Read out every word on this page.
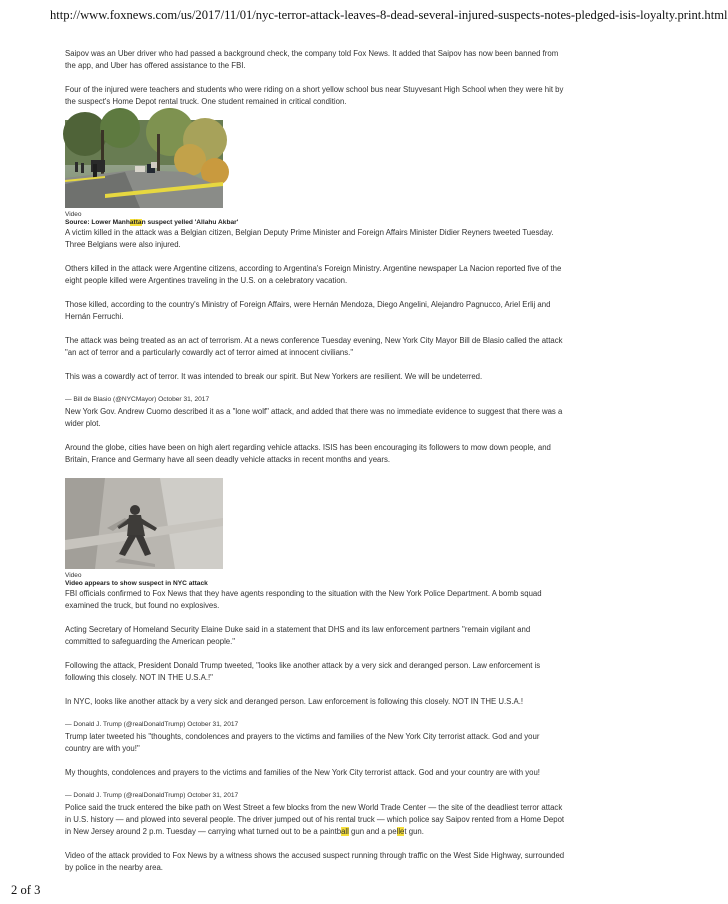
http://www.foxnews.com/us/2017/11/01/nyc-terror-attack-leaves-8-dead-several-injured-suspects-notes-pledged-isis-loyalty.print.html

Saipov was an Uber driver who had passed a background check, the company told Fox News. It added that Saipov has now been banned from the app, and Uber has offered assistance to the FBI.

Four of the injured were teachers and students who were riding on a short yellow school bus near Stuyvesant High School when they were hit by the suspect's Home Depot rental truck. One student remained in critical condition.

Video
Source: Lower Manhattan suspect yelled 'Allahu Akbar'

A victim killed in the attack was a Belgian citizen, Belgian Deputy Prime Minister and Foreign Affairs Minister Didier Reyners tweeted Tuesday. Three Belgians were also injured.

Others killed in the attack were Argentine citizens, according to Argentina's Foreign Ministry. Argentine newspaper La Nacion reported five of the eight people killed were Argentines traveling in the U.S. on a celebratory vacation.

Those killed, according to the country's Ministry of Foreign Affairs, were Hernán Mendoza, Diego Angelini, Alejandro Pagnucco, Ariel Erlij and Hernán Ferruchi.

The attack was being treated as an act of terrorism. At a news conference Tuesday evening, New York City Mayor Bill de Blasio called the attack "an act of terror and a particularly cowardly act of terror aimed at innocent civilians."

This was a cowardly act of terror. It was intended to break our spirit. But New Yorkers are resilient. We will be undeterred.

— Bill de Blasio (@NYCMayor) October 31, 2017

New York Gov. Andrew Cuomo described it as a "lone wolf" attack, and added that there was no immediate evidence to suggest that there was a wider plot.

Around the globe, cities have been on high alert regarding vehicle attacks. ISIS has been encouraging its followers to mow down people, and Britain, France and Germany have all seen deadly vehicle attacks in recent months and years.

Video
Video appears to show suspect in NYC attack

FBI officials confirmed to Fox News that they have agents responding to the situation with the New York Police Department. A bomb squad examined the truck, but found no explosives.

Acting Secretary of Homeland Security Elaine Duke said in a statement that DHS and its law enforcement partners "remain vigilant and committed to safeguarding the American people."

Following the attack, President Donald Trump tweeted, "looks like another attack by a very sick and deranged person. Law enforcement is following this closely. NOT IN THE U.S.A.!"

In NYC, looks like another attack by a very sick and deranged person. Law enforcement is following this closely. NOT IN THE U.S.A.!

— Donald J. Trump (@realDonaldTrump) October 31, 2017

Trump later tweeted his "thoughts, condolences and prayers to the victims and families of the New York City terrorist attack. God and your country are with you!"

My thoughts, condolences and prayers to the victims and families of the New York City terrorist attack. God and your country are with you!

— Donald J. Trump (@realDonaldTrump) October 31, 2017

Police said the truck entered the bike path on West Street a few blocks from the new World Trade Center — the site of the deadliest terror attack in U.S. history — and plowed into several people. The driver jumped out of his rental truck — which police say Saipov rented from a Home Depot in New Jersey around 2 p.m. Tuesday — carrying what turned out to be a paintball gun and a pellet gun.

Video of the attack provided to Fox News by a witness shows the accused suspect running through traffic on the West Side Highway, surrounded by police in the nearby area.

2 of 3
